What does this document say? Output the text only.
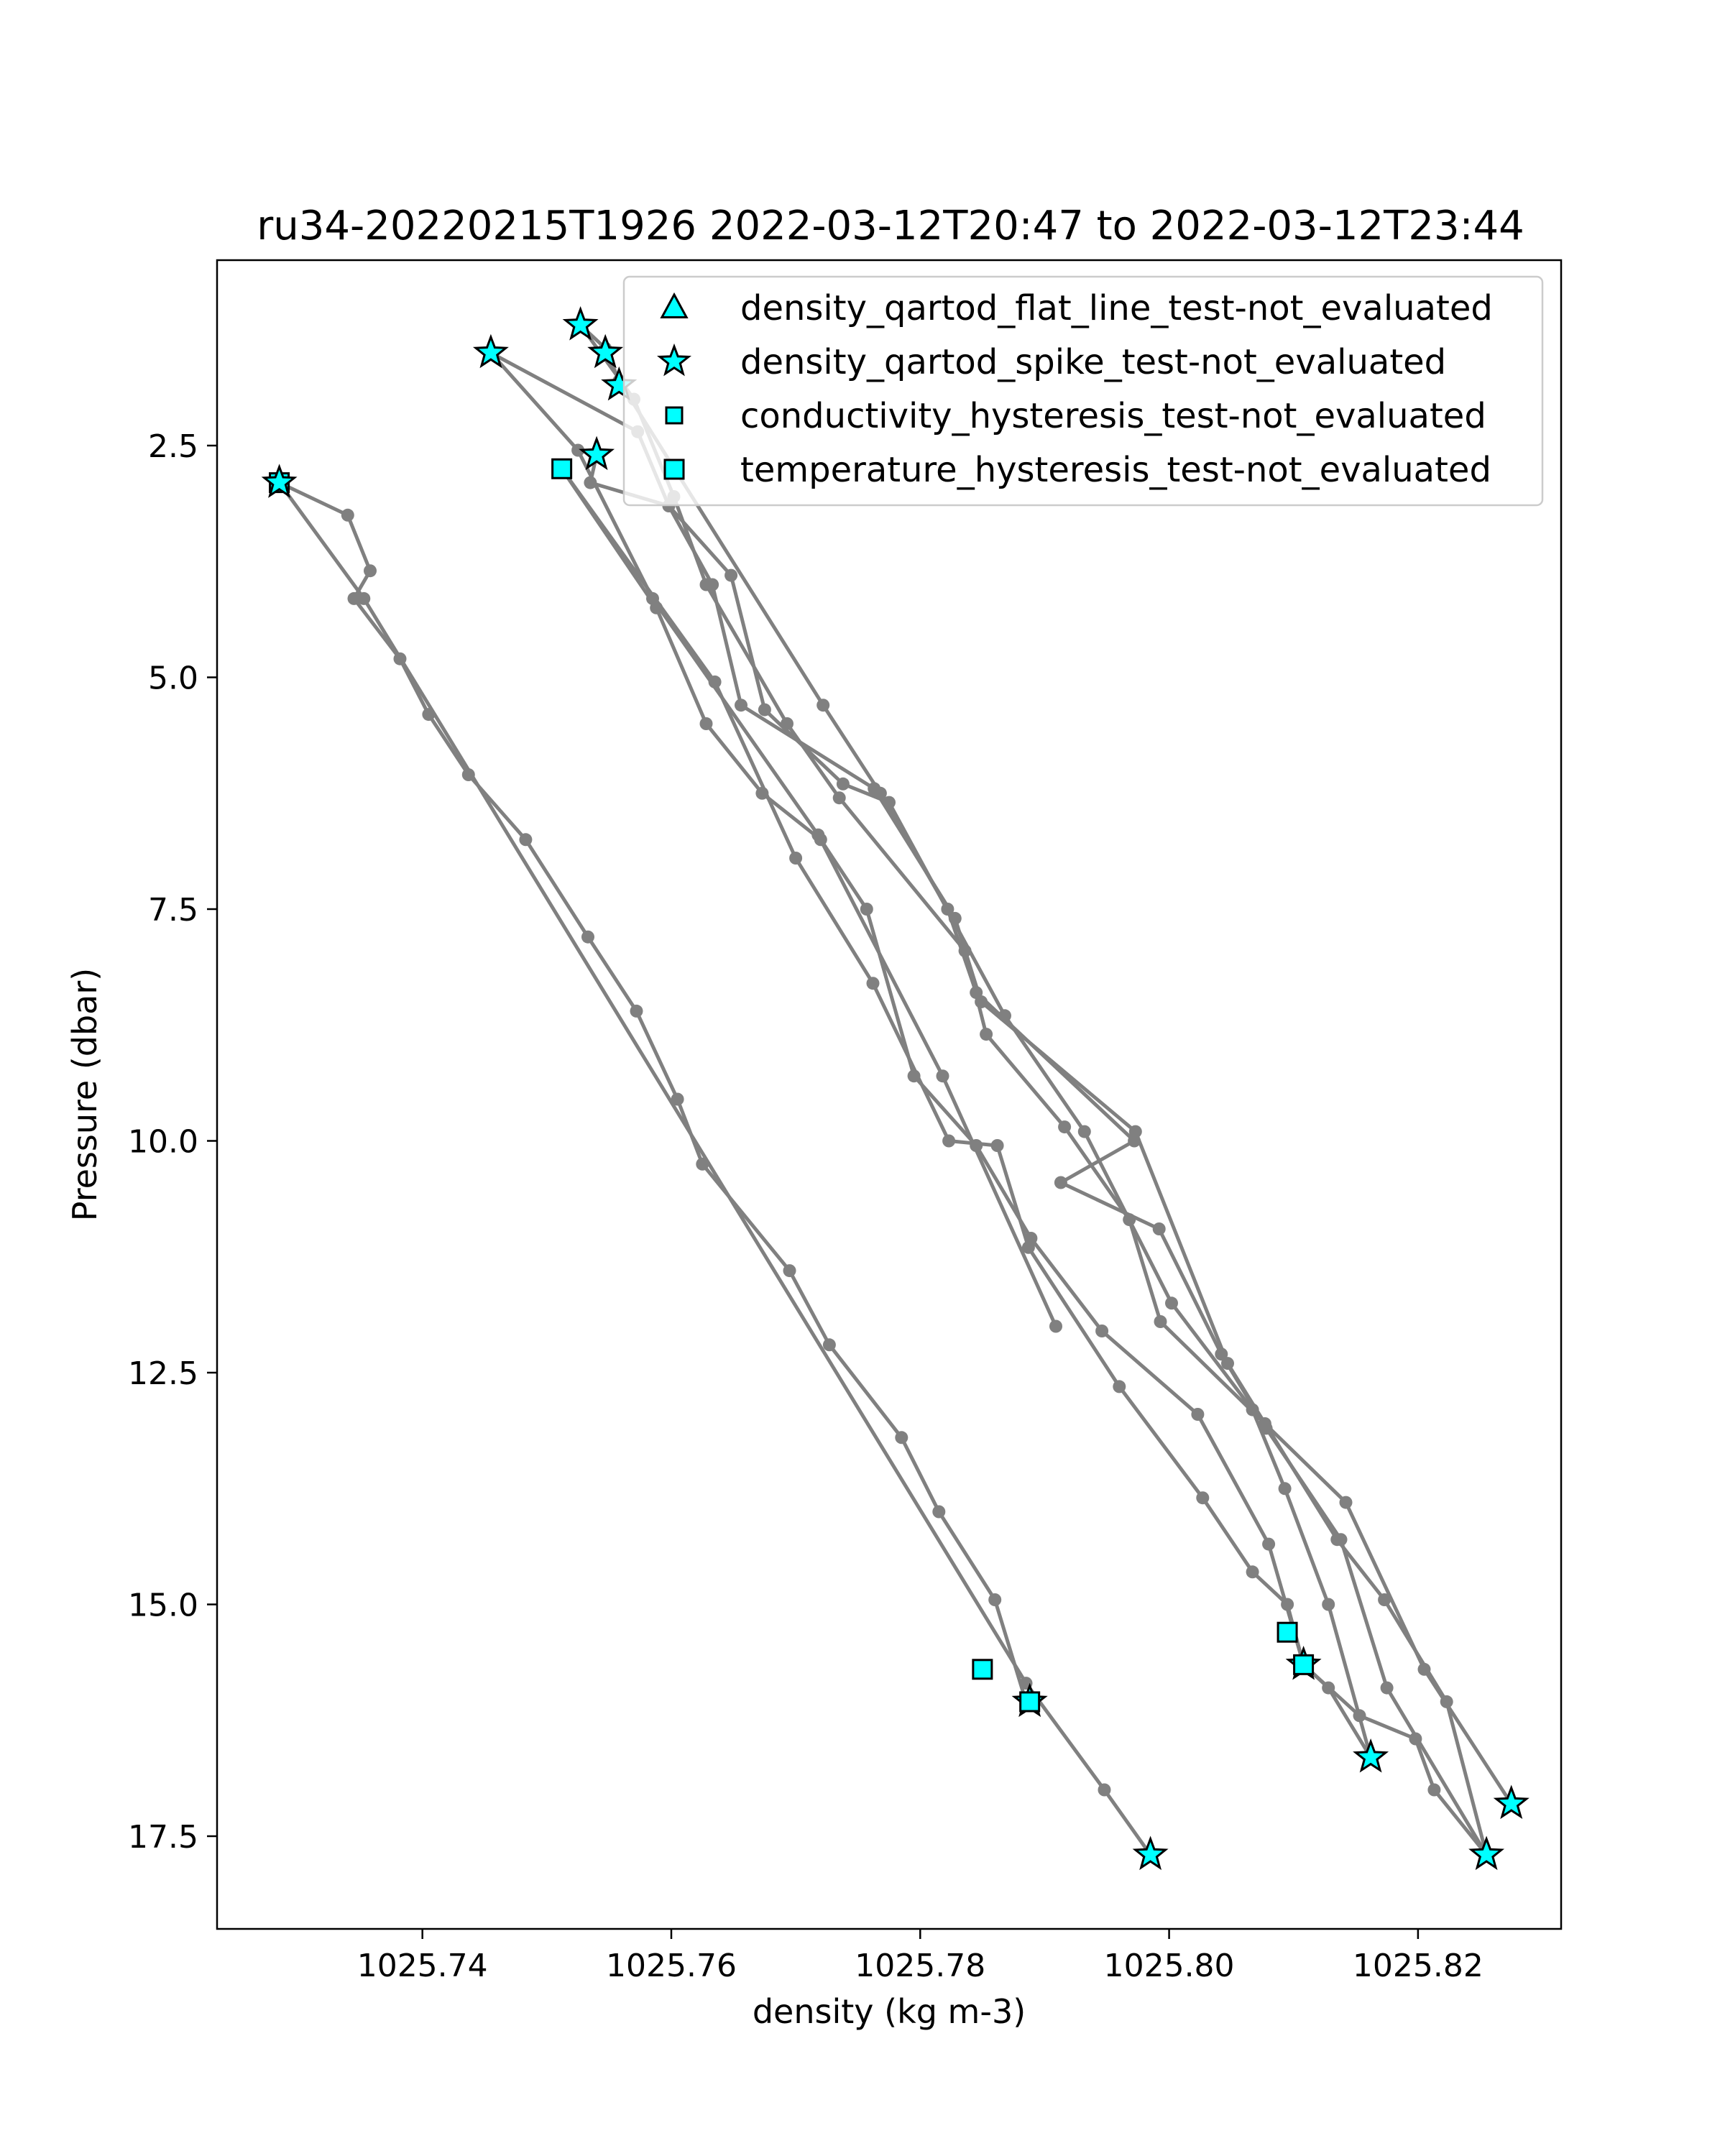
ru34-20220215T1926 2022-03-12T20:47 to 2022-03-12T23:44
1025.74	1025.76	1025.78	1025.80	1025.82
2.5
5.0
7.5
10.0
12.5
15.0
17.5
density (kg m-3)
Pressure (dbar)
density_qartod_flat_line_test-not_evaluated
density_qartod_spike_test-not_evaluated
conductivity_hysteresis_test-not_evaluated
temperature_hysteresis_test-not_evaluated
